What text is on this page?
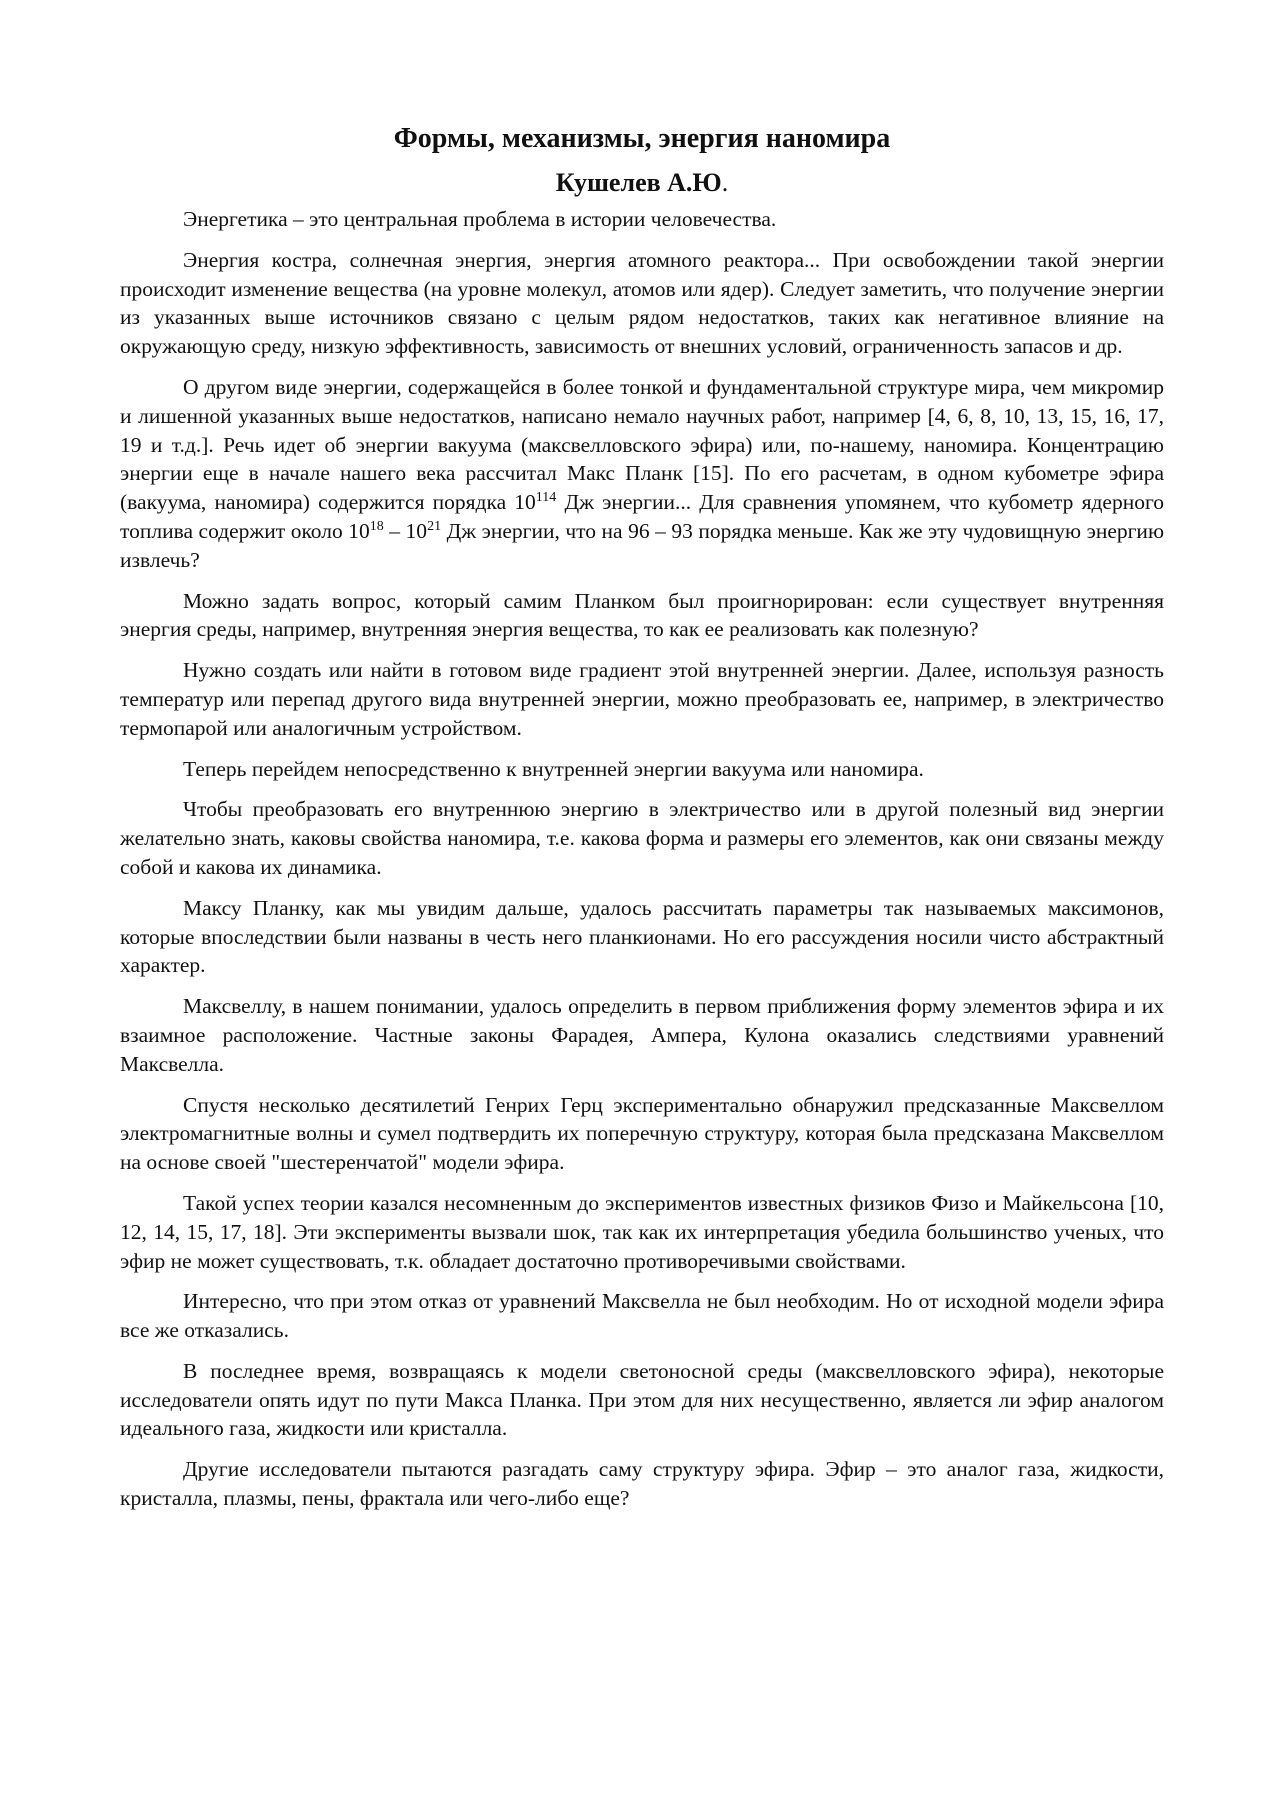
Формы, механизмы, энергия наномира
Кушелев А.Ю.

Энергетика – это центральная проблема в истории человечества.

Энергия костра, солнечная энергия, энергия атомного реактора... При освобождении такой энергии происходит изменение вещества (на уровне молекул, атомов или ядер). Следует заметить, что получение энергии из указанных выше источников связано с целым рядом недостатков, таких как негативное влияние на окружающую среду, низкую эффективность, зависимость от внешних условий, ограниченность запасов и др.

О другом виде энергии, содержащейся в более тонкой и фундаментальной структуре мира, чем микромир и лишенной указанных выше недостатков, написано немало научных работ, например [4, 6, 8, 10, 13, 15, 16, 17, 19 и т.д.]. Речь идет об энергии вакуума (максвелловского эфира) или, по-нашему, наномира. Концентрацию энергии еще в начале нашего века рассчитал Макс Планк [15]. По его расчетам, в одном кубометре эфира (вакуума, наномира) содержится порядка $10^{114}$ Дж энергии... Для сравнения упомянем, что кубометр ядерного топлива содержит около $10^{18} - 10^{21}$ Дж энергии, что на 96 – 93 порядка меньше. Как же эту чудовищную энергию извлечь?

Можно задать вопрос, который самим Планком был проигнорирован: если существует внутренняя энергия среды, например, внутренняя энергия вещества, то как ее реализовать как полезную?

Нужно создать или найти в готовом виде градиент этой внутренней энергии. Далее, используя разность температур или перепад другого вида внутренней энергии, можно преобразовать ее, например, в электричество термопарой или аналогичным устройством.

Теперь перейдем непосредственно к внутренней энергии вакуума или наномира.

Чтобы преобразовать его внутреннюю энергию в электричество или в другой полезный вид энергии желательно знать, каковы свойства наномира, т.е. какова форма и размеры его элементов, как они связаны между собой и какова их динамика.

Максу Планку, как мы увидим дальше, удалось рассчитать параметры так называемых максимонов, которые впоследствии были названы в честь него планкионами. Но его рассуждения носили чисто абстрактный характер.

Максвеллу, в нашем понимании, удалось определить в первом приближения форму элементов эфира и их взаимное расположение. Частные законы Фарадея, Ампера, Кулона оказались следствиями уравнений Максвелла.

Спустя несколько десятилетий Генрих Герц экспериментально обнаружил предсказанные Максвеллом электромагнитные волны и сумел подтвердить их поперечную структуру, которая была предсказана Максвеллом на основе своей "шестеренчатой" модели эфира.

Такой успех теории казался несомненным до экспериментов известных физиков Физо и Майкельсона [10, 12, 14, 15, 17, 18]. Эти эксперименты вызвали шок, так как их интерпретация убедила большинство ученых, что эфир не может существовать, т.к. обладает достаточно противоречивыми свойствами.

Интересно, что при этом отказ от уравнений Максвелла не был необходим. Но от исходной модели эфира все же отказались.

В последнее время, возвращаясь к модели светоносной среды (максвелловского эфира), некоторые исследователи опять идут по пути Макса Планка. При этом для них несущественно, является ли эфир аналогом идеального газа, жидкости или кристалла.

Другие исследователи пытаются разгадать саму структуру эфира. Эфир – это аналог газа, жидкости, кристалла, плазмы, пены, фрактала или чего-либо еще?
